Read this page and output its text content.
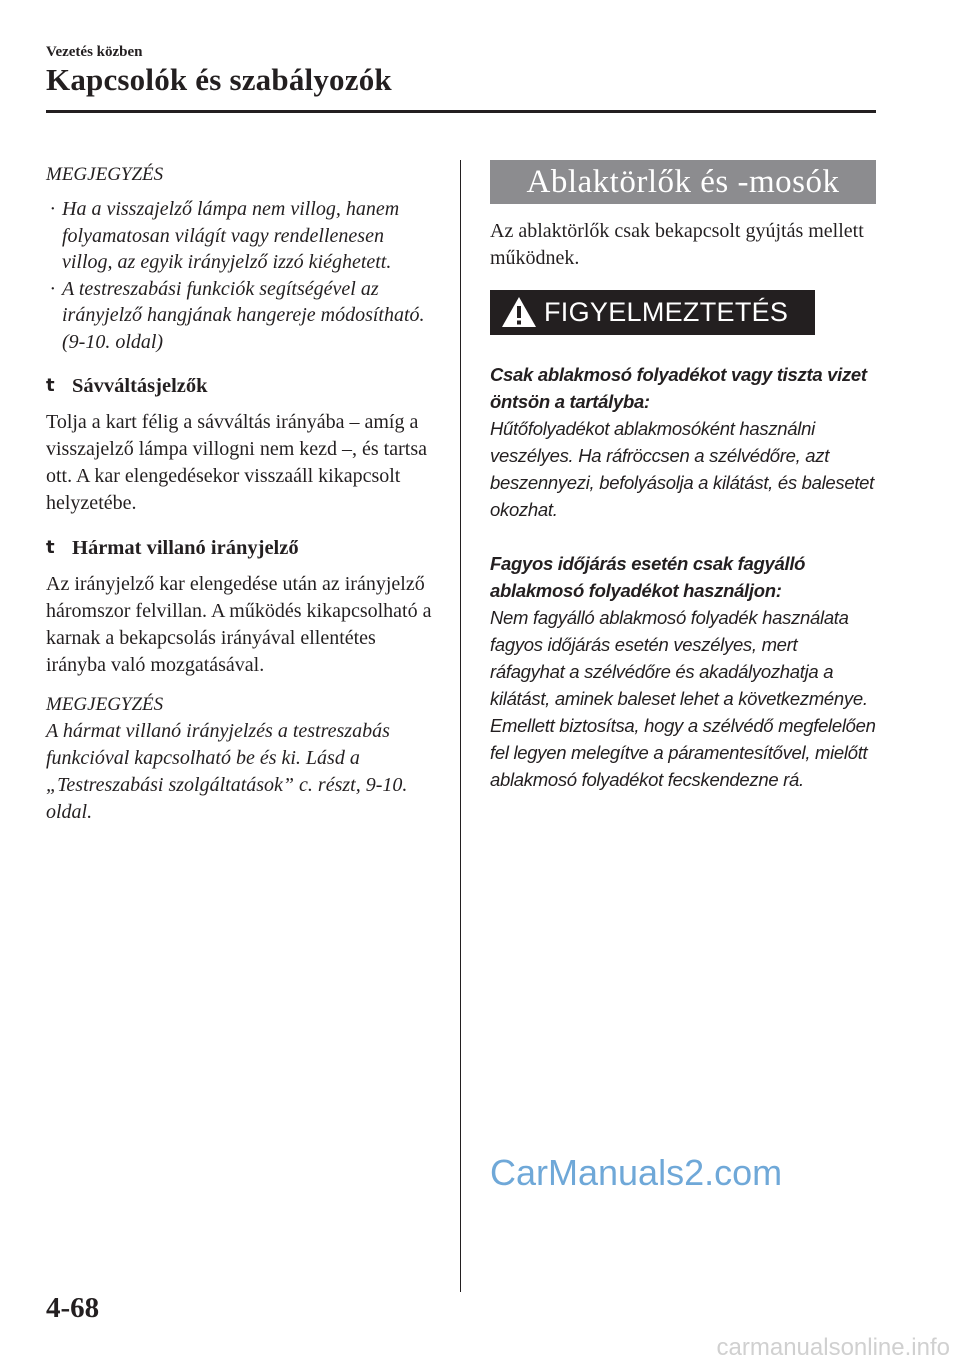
Vezetés közben
Kapcsolók és szabályozók
MEGJEGYZÉS
· Ha a visszajelző lámpa nem villog, hanem folyamatosan világít vagy rendellenesen villog, az egyik irányjelző izzó kiéghetett.
· A testreszabási funkciók segítségével az irányjelző hangjának hangereje módosítható. (9-10. oldal)
t Sávváltásjelzők
Tolja a kart félig a sávváltás irányába – amíg a visszajelző lámpa villogni nem kezd –, és tartsa ott. A kar elengedésekor visszaáll kikapcsolt helyzetébe.
t Hármat villanó irányjelző
Az irányjelző kar elengedése után az irányjelző háromszor felvillan. A működés kikapcsolható a karnak a bekapcsolás irányával ellentétes irányba való mozgatásával.
MEGJEGYZÉS
A hármat villanó irányjelzés a testreszabás funkcióval kapcsolható be és ki. Lásd a „Testreszabási szolgáltatások” c. részt, 9-10. oldal.
Ablaktörlők és -mosók
Az ablaktörlők csak bekapcsolt gyújtás mellett működnek.
FIGYELMEZTETÉS
Csak ablakmosó folyadékot vagy tiszta vizet öntsön a tartályba:
Hűtőfolyadékot ablakmosóként használni veszélyes. Ha ráfröccsen a szélvédőre, azt beszennyezi, befolyásolja a kilátást, és balesetet okozhat.
Fagyos időjárás esetén csak fagyálló ablakmosó folyadékot használjon:
Nem fagyálló ablakmosó folyadék használata fagyos időjárás esetén veszélyes, mert ráfagyhat a szélvédőre és akadályozhatja a kilátást, aminek baleset lehet a következménye. Emellett biztosítsa, hogy a szélvédő megfelelően fel legyen melegítve a páramentesítővel, mielőtt ablakmosó folyadékot fecskendezne rá.
CarManuals2.com
4-68
carmanualsonline.info
